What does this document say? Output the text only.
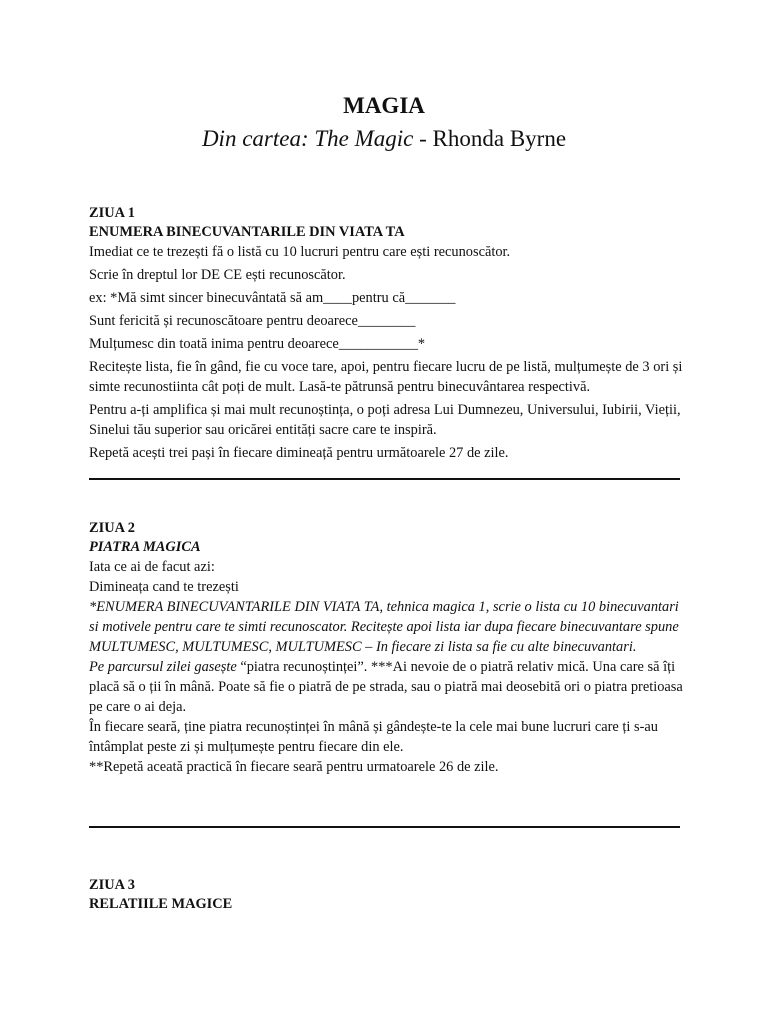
MAGIA
Din cartea: The Magic - Rhonda Byrne
ZIUA 1
ENUMERA BINECUVANTARILE DIN VIATA TA

Imediat ce te trezești fă o listă cu 10 lucruri pentru care ești recunoscător.

Scrie în dreptul lor DE CE ești recunoscător.

ex: *Mă simt sincer binecuvântată să am____pentru că_______

Sunt fericită și recunoscătoare pentru deoarece________

Mulțumesc din toată inima pentru deoarece___________*

Recitește lista, fie în gând, fie cu voce tare, apoi, pentru fiecare lucru de pe listă, mulțumește de 3 ori și simte recunostiinta cât poți de mult. Lasă-te pătrunsă pentru binecuvântarea respectivă.

Pentru a-ți amplifica și mai mult recunoștința, o poți adresa Lui Dumnezeu, Universului, Iubirii, Vieții, Sinelui tău superior sau oricărei entități sacre care te inspiră.

Repetă acești trei pași în fiecare dimineață pentru următoarele 27 de zile.

ZIUA 2
PIATRA MAGICA

Iata ce ai de facut azi:

Dimineața cand te trezești

*ENUMERA BINECUVANTARILE DIN VIATA TA, tehnica magica 1, scrie o lista cu 10 binecuvantari si motivele pentru care te simti recunoscator. Recitește apoi lista iar dupa fiecare binecuvantare spune MULTUMESC, MULTUMESC, MULTUMESC – In fiecare zi lista sa fie cu alte binecuvantari.

Pe parcursul zilei gasește “piatra recunoștinței”. ***Ai nevoie de o piatră relativ mică. Una care să îți placă să o ții în mână. Poate să fie o piatră de pe strada, sau o piatră mai deosebită ori o piatra pretioasa pe care o ai deja.

În fiecare seară, ține piatra recunoștinței în mână și gândește-te la cele mai bune lucruri care ți s-au întâmplat peste zi și mulțumește pentru fiecare din ele.

**Repetă aceată practică în fiecare seară pentru urmatoarele 26 de zile.

ZIUA 3
RELATIILE MAGICE
